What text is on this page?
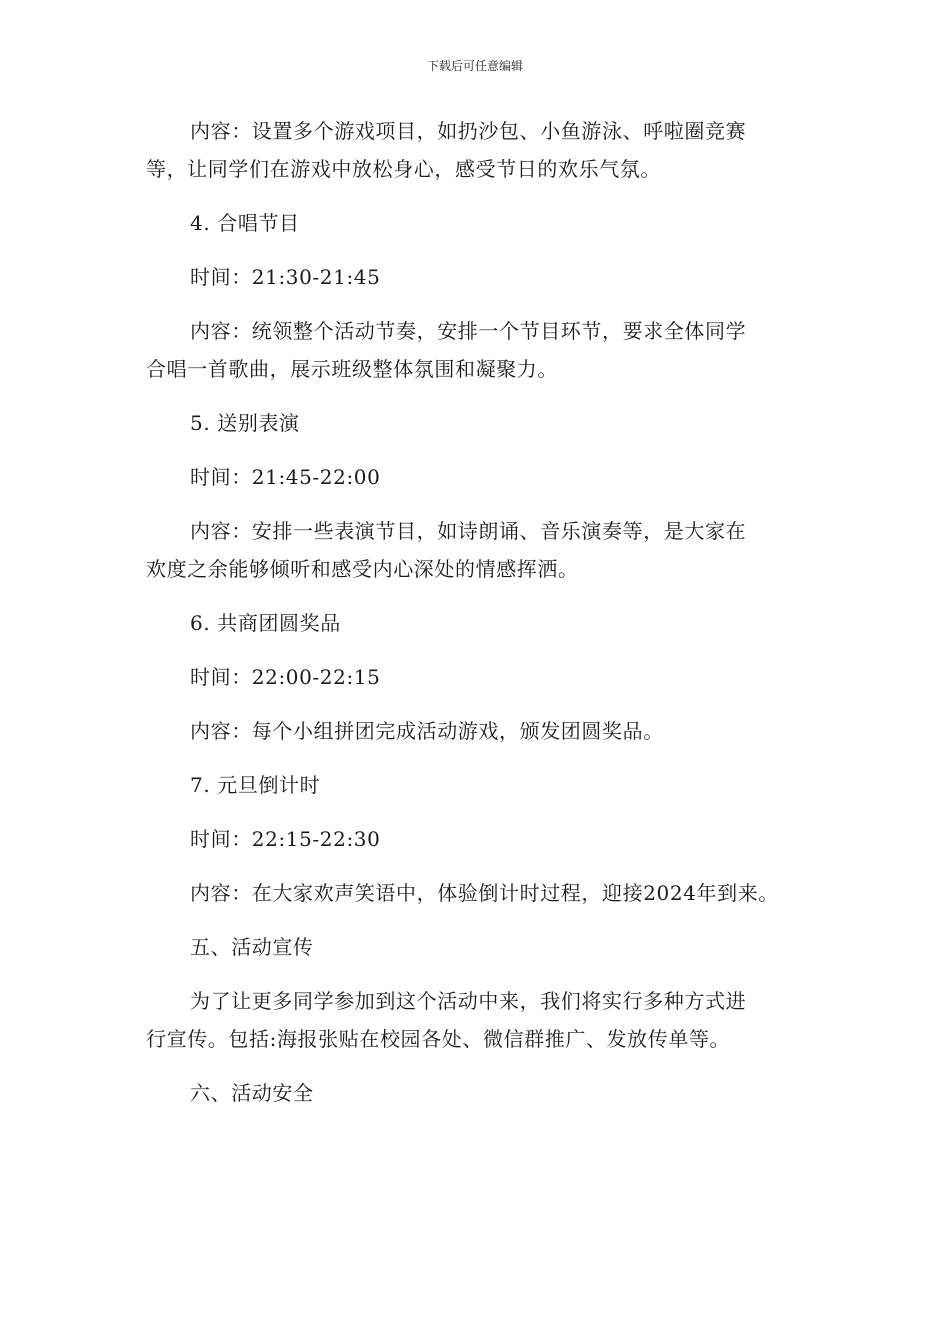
下载后可任意编辑
内容：设置多个游戏项目，如扔沙包、小鱼游泳、呼啦圈竞赛
等，让同学们在游戏中放松身心，感受节日的欢乐气氛。
4. 合唱节目
时间：21:30-21:45
内容：统领整个活动节奏，安排一个节目环节，要求全体同学
合唱一首歌曲，展示班级整体氛围和凝聚力。
5. 送别表演
时间：21:45-22:00
内容：安排一些表演节目，如诗朗诵、音乐演奏等，是大家在
欢度之余能够倾听和感受内心深处的情感挥洒。
6. 共商团圆奖品
时间：22:00-22:15
内容：每个小组拼团完成活动游戏，颁发团圆奖品。
7. 元旦倒计时
时间：22:15-22:30
内容：在大家欢声笑语中，体验倒计时过程，迎接2024年到来。
五、活动宣传
为了让更多同学参加到这个活动中来，我们将实行多种方式进
行宣传。包括:海报张贴在校园各处、微信群推广、发放传单等。
六、活动安全
